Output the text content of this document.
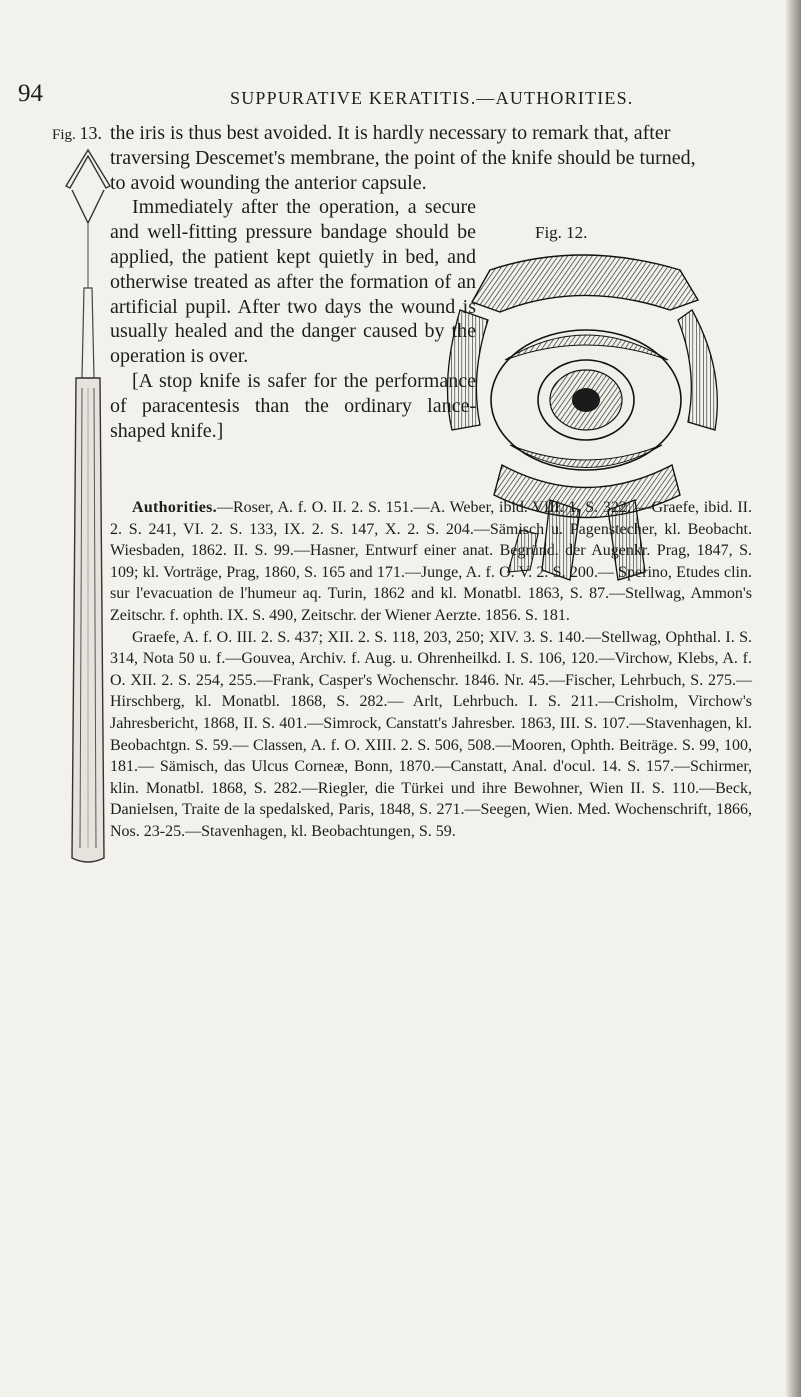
94	SUPPURATIVE KERATITIS.—AUTHORITIES.
Fig. 13.
Fig. 12.

the iris is thus best avoided. It is hardly necessary to remark that, after

traversing Descemet's membrane, the point of the knife should be turned,

to avoid wounding the anterior capsule.

Immediately after the operation, a secure and well-fitting pressure bandage should be applied, the patient kept quietly in bed, and otherwise treated as after the formation of an artificial pupil. After two days the wound is usually healed and the danger caused by the operation is over.

[A stop knife is safer for the performance of paracentesis than the ordinary lance-shaped knife.]

Authorities.—Roser, A. f. O. II. 2. S. 151.—A. Weber, ibid. VIII. 1. S. 322. —Graefe, ibid. II. 2. S. 241, VI. 2. S. 133, IX. 2. S. 147, X. 2. S. 204.—Sämisch u. Pagenstecher, kl. Beobacht. Wiesbaden, 1862. II. S. 99.—Hasner, Entwurf einer anat. Begründ. der Augenkr. Prag, 1847, S. 109; kl. Vorträge, Prag, 1860, S. 165 and 171.—Junge, A. f. O. V. 2. S. 200.— Sperino, Etudes clin. sur l'evacuation de l'humeur aq. Turin, 1862 and kl. Monatbl. 1863, S. 87.—Stellwag, Ammon's Zeitschr. f. ophth. IX. S. 490, Zeitschr. der Wiener Aerzte. 1856. S. 181.

Graefe, A. f. O. III. 2. S. 437; XII. 2. S. 118, 203, 250; XIV. 3. S. 140.—Stellwag, Ophthal. I. S. 314, Nota 50 u. f.—Gouvea, Archiv. f. Aug. u. Ohrenheilkd. I. S. 106, 120.—Virchow, Klebs, A. f. O. XII. 2. S. 254, 255.—Frank, Casper's Wochenschr. 1846. Nr. 45.—Fischer, Lehrbuch, S. 275.—Hirschberg, kl. Monatbl. 1868, S. 282.— Arlt, Lehrbuch. I. S. 211.—Crisholm, Virchow's Jahresbericht, 1868, II. S. 401.—Simrock, Canstatt's Jahresber. 1863, III. S. 107.—Stavenhagen, kl. Beobachtgn. S. 59.— Classen, A. f. O. XIII. 2. S. 506, 508.—Mooren, Ophth. Beiträge. S. 99, 100, 181.— Sämisch, das Ulcus Corneæ, Bonn, 1870.—Canstatt, Anal. d'ocul. 14. S. 157.—Schirmer, klin. Monatbl. 1868, S. 282.—Riegler, die Türkei und ihre Bewohner, Wien II. S. 110.—Beck, Danielsen, Traite de la spedalsked, Paris, 1848, S. 271.—Seegen, Wien. Med. Wochenschrift, 1866, Nos. 23-25.—Stavenhagen, kl. Beobachtungen, S. 59.
